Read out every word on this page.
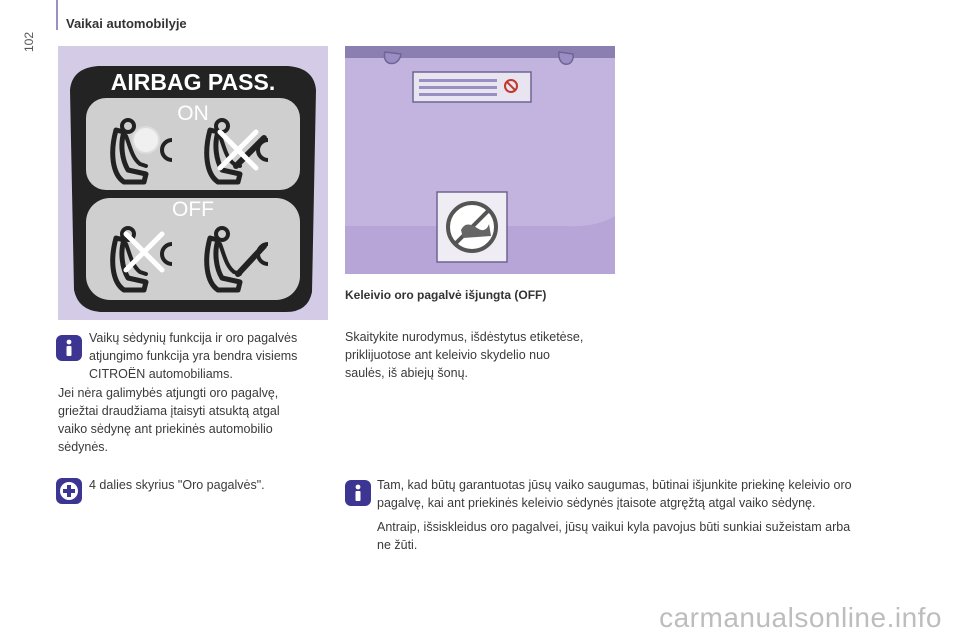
102
Vaikai automobilyje
AIRBAG PASS.
ON
OFF
Keleivio oro pagalvė išjungta (OFF)
Vaikų sėdynių funkcija ir oro pagalvės
atjungimo funkcija yra bendra visiems
CITROËN automobiliams.
Jei nėra galimybės atjungti oro pagalvę,
griežtai draudžiama įtaisyti atsuktą atgal
vaiko sėdynę ant priekinės automobilio
sėdynės.
4 dalies skyrius "Oro pagalvės".
Skaitykite nurodymus, išdėstytus etiketėse,
priklijuotose ant keleivio skydelio nuo
saulės, iš abiejų šonų.
Tam, kad būtų garantuotas jūsų vaiko saugumas, būtinai išjunkite priekinę keleivio oro
pagalvę, kai ant priekinės keleivio sėdynės įtaisote atgręžtą atgal vaiko sėdynę.
Antraip, išsiskleidus oro pagalvei, jūsų vaikui kyla pavojus būti sunkiai sužeistam arba
ne žūti.
carmanualsonline.info
